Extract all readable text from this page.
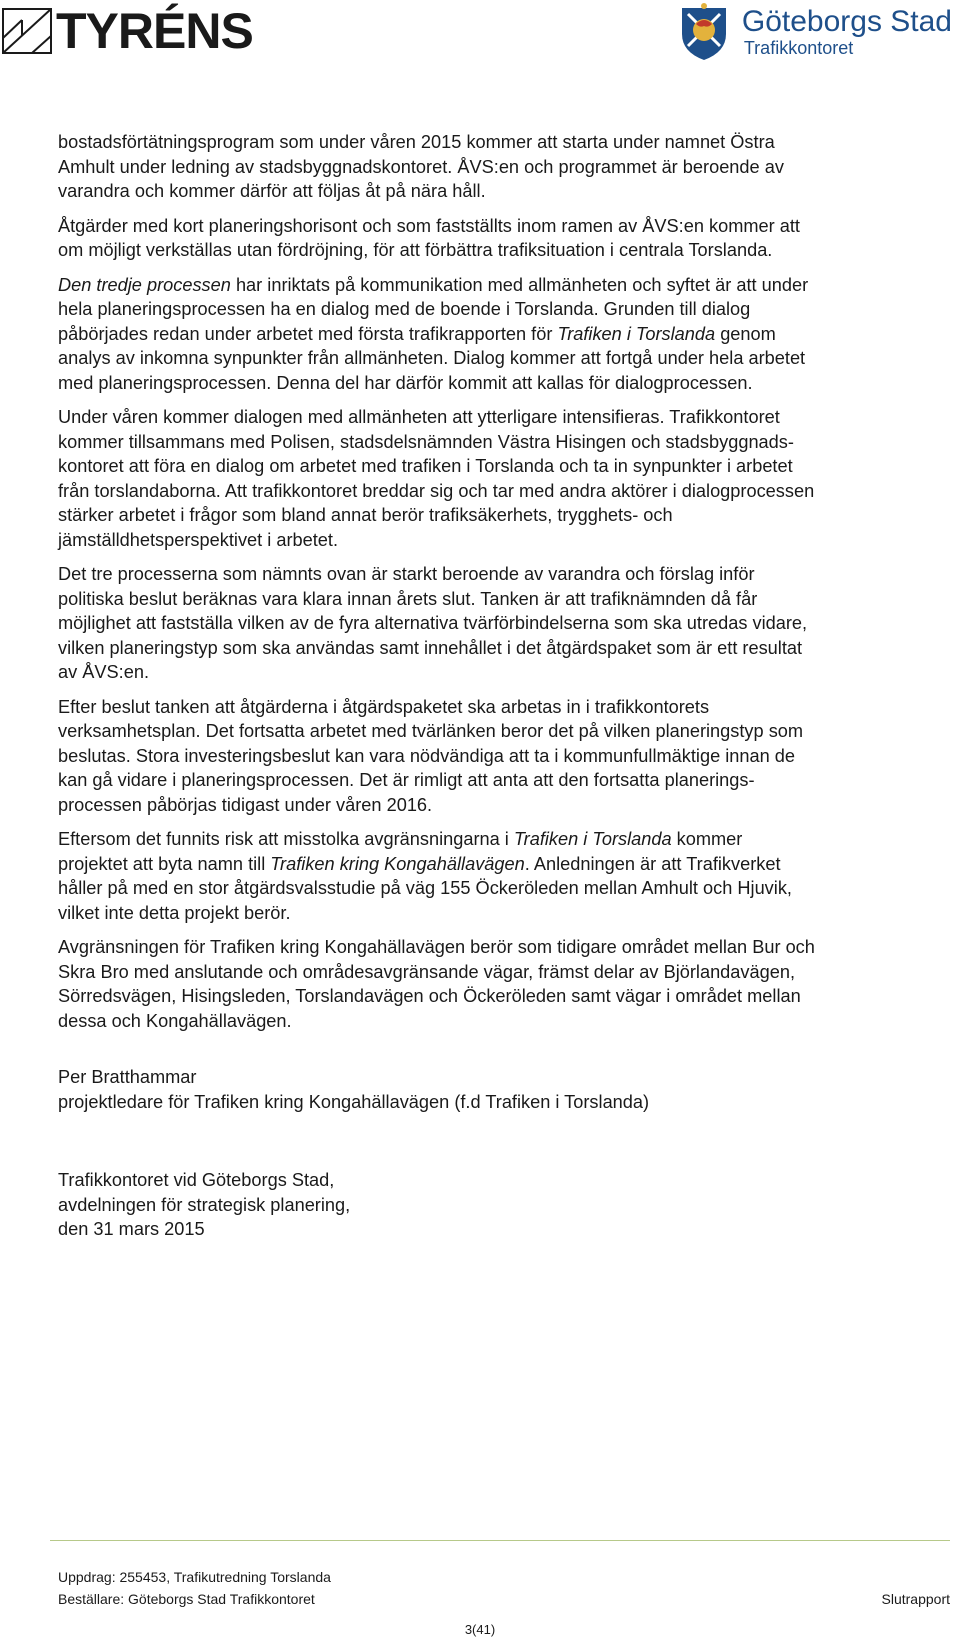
TYRÉNS	Göteborgs Stad
Trafikkontoret

bostadsförtätningsprogram som under våren 2015 kommer att starta under namnet Östra
Amhult under ledning av stadsbyggnadskontoret. ÅVS:en och programmet är beroende av
varandra och kommer därför att följas åt på nära håll.

Åtgärder med kort planeringshorisont och som fastställts inom ramen av ÅVS:en kommer att
om möjligt verkställas utan fördröjning, för att förbättra trafiksituation i centrala Torslanda.

Den tredje processen har inriktats på kommunikation med allmänheten och syftet är att under
hela planeringsprocessen ha en dialog med de boende i Torslanda. Grunden till dialog
påbörjades redan under arbetet med första trafikrapporten för Trafiken i Torslanda genom
analys av inkomna synpunkter från allmänheten. Dialog kommer att fortgå under hela arbetet
med planeringsprocessen. Denna del har därför kommit att kallas för dialogprocessen.

Under våren kommer dialogen med allmänheten att ytterligare intensifieras. Trafikkontoret
kommer tillsammans med Polisen, stadsdelsnämnden Västra Hisingen och stadsbyggnads-
kontoret att föra en dialog om arbetet med trafiken i Torslanda och ta in synpunkter i arbetet
från torslandaborna. Att trafikkontoret breddar sig och tar med andra aktörer i dialogprocessen
stärker arbetet i frågor som bland annat berör trafiksäkerhets, trygghets- och
jämställdhetsperspektivet i arbetet.

Det tre processerna som nämnts ovan är starkt beroende av varandra och förslag inför
politiska beslut beräknas vara klara innan årets slut. Tanken är att trafiknämnden då får
möjlighet att fastställa vilken av de fyra alternativa tvärförbindelserna som ska utredas vidare,
vilken planeringstyp som ska användas samt innehållet i det åtgärdspaket som är ett resultat
av ÅVS:en.

Efter beslut tanken att åtgärderna i åtgärdspaketet ska arbetas in i trafikkontorets
verksamhetsplan. Det fortsatta arbetet med tvärlänken beror det på vilken planeringstyp som
beslutas. Stora investeringsbeslut kan vara nödvändiga att ta i kommunfullmäktige innan de
kan gå vidare i planeringsprocessen. Det är rimligt att anta att den fortsatta planerings-
processen påbörjas tidigast under våren 2016.

Eftersom det funnits risk att misstolka avgränsningarna i Trafiken i Torslanda kommer
projektet att byta namn till Trafiken kring Kongahällavägen. Anledningen är att Trafikverket
håller på med en stor åtgärdsvalsstudie på väg 155 Öckeröleden mellan Amhult och Hjuvik,
vilket inte detta projekt berör.

Avgränsningen för Trafiken kring Kongahällavägen berör som tidigare området mellan Bur och
Skra Bro med anslutande och områdesavgränsande vägar, främst delar av Björlandavägen,
Sörredsvägen, Hisingsleden, Torslandavägen och Öckeröleden samt vägar i området mellan
dessa och Kongahällavägen.

Per Bratthammar
projektledare för Trafiken kring Kongahällavägen (f.d Trafiken i Torslanda)
Trafikkontoret vid Göteborgs Stad,
avdelningen för strategisk planering,
den 31 mars 2015
Uppdrag: 255453, Trafikutredning Torslanda
Beställare: Göteborgs Stad Trafikkontoret	Slutrapport
3(41)
